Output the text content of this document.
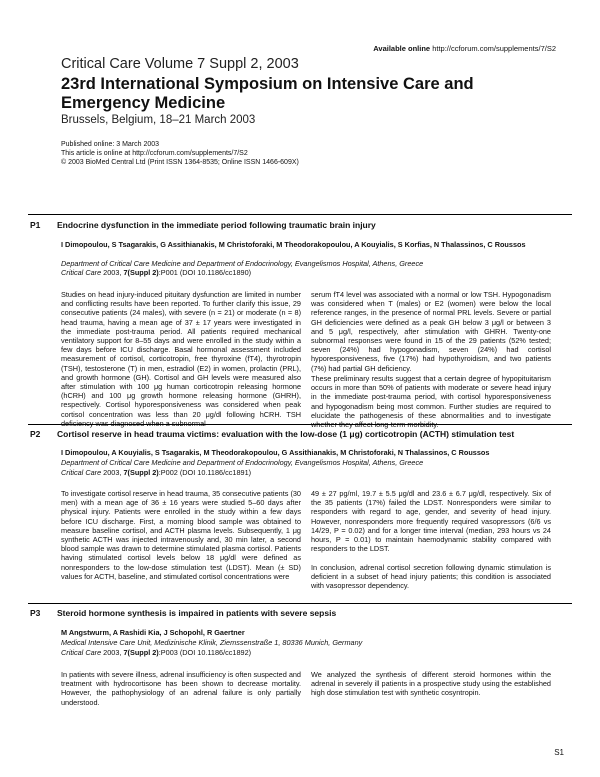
Available online http://ccforum.com/supplements/7/S2
Critical Care Volume 7 Suppl 2, 2003
23rd International Symposium on Intensive Care and Emergency Medicine
Brussels, Belgium, 18–21 March 2003
Published online: 3 March 2003
This article is online at http://ccforum.com/supplements/7/S2
© 2003 BioMed Central Ltd (Print ISSN 1364-8535; Online ISSN 1466-609X)
P1 Endocrine dysfunction in the immediate period following traumatic brain injury
I Dimopoulou, S Tsagarakis, G Assithianakis, M Christoforaki, M Theodorakopoulou, A Kouyialis, S Korfias, N Thalassinos, C Roussos
Department of Critical Care Medicine and Department of Endocrinology, Evangelismos Hospital, Athens, Greece
Critical Care 2003, 7(Suppl 2):P001 (DOI 10.1186/cc1890)

Studies on head injury-induced pituitary dysfunction are limited in number and conflicting results have been reported. To further clarify this issue, 29 consecutive patients (24 males), with severe (n = 21) or moderate (n = 8) head trauma, having a mean age of 37 ± 17 years were investigated in the immediate post-trauma period. All patients required mechanical ventilatory support for 8–55 days and were enrolled in the study within a few days before ICU discharge. Basal hormonal assessment included measurement of cortisol, corticotropin, free thyroxine (fT4), thyrotropin (TSH), testosterone (T) in men, estradiol (E2) in women, prolactin (PRL), and growth hormone (GH). Cortisol and GH levels were measured also after stimulation with 100 μg human corticotropin releasing hormone (hCRH) and 100 μg growth hormone releasing hormone (GHRH), respectively. Cortisol hyporesponsiveness was considered when peak cortisol concentration was less than 20 μg/dl following hCRH. TSH deficiency was diagnosed when a subnormal

serum fT4 level was associated with a normal or low TSH. Hypogonadism was considered when T (males) or E2 (women) were below the local reference ranges, in the presence of normal PRL levels. Severe or partial GH deficiencies were defined as a peak GH below 3 μg/l or between 3 and 5 μg/l, respectively, after stimulation with GHRH. Twenty-one subnormal responses were found in 15 of the 29 patients (52% tested; seven (24%) had hypogonadism, seven (24%) had cortisol hyporesponsiveness, five (17%) had hypothyroidism, and two patients (7%) had partial GH deficiency.

These preliminary results suggest that a certain degree of hypopituitarism occurs in more than 50% of patients with moderate or severe head injury in the immediate post-trauma period, with cortisol hyporesponsiveness and hypogonadism being most common. Further studies are required to elucidate the pathogenesis of these abnormalities and to investigate whether they affect long-term morbidity.

P2 Cortisol reserve in head trauma victims: evaluation with the low-dose (1 μg) corticotropin (ACTH) stimulation test
I Dimopoulou, A Kouyialis, S Tsagarakis, M Theodorakopoulou, G Assithianakis, M Christoforaki, N Thalassinos, C Roussos
Department of Critical Care Medicine and Department of Endocrinology, Evangelismos Hospital, Athens, Greece
Critical Care 2003, 7(Suppl 2):P002 (DOI 10.1186/cc1891)

To investigate cortisol reserve in head trauma, 35 consecutive patients (30 men) with a mean age of 36 ± 16 years were studied 5–60 days after physical injury. Patients were enrolled in the study within a few days before ICU discharge. First, a morning blood sample was obtained to measure baseline cortisol, and ACTH plasma levels. Subsequently, 1 μg synthetic ACTH was injected intravenously and, 30 min later, a second blood sample was drawn to determine stimulated plasma cortisol. Patients having stimulated cortisol levels below 18 μg/dl were defined as nonresponders to the low-dose stimulation test (LDST). Mean (± SD) values for ACTH, baseline, and stimulated cortisol concentrations were

49 ± 27 pg/ml, 19.7 ± 5.5 μg/dl and 23.6 ± 6.7 μg/dl, respectively. Six of the 35 patients (17%) failed the LDST. Nonresponders were similar to responders with regard to age, gender, and severity of head injury. However, nonresponders more frequently required vasopressors (6/6 vs 14/29, P = 0.02) and for a longer time interval (median, 293 hours vs 24 hours, P = 0.01) to maintain haemodynamic stability compared with responders to the LDST.

In conclusion, adrenal cortisol secretion following dynamic stimulation is deficient in a subset of head injury patients; this condition is associated with vasopressor dependency.

P3 Steroid hormone synthesis is impaired in patients with severe sepsis
M Angstwurm, A Rashidi Kia, J Schopohl, R Gaertner
Medical Intensive Care Unit, Medizinische Klinik, Ziemssenstraße 1, 80336 Munich, Germany
Critical Care 2003, 7(Suppl 2):P003 (DOI 10.1186/cc1892)

In patients with severe illness, adrenal insufficiency is often suspected and treatment with hydrocortisone has been shown to decrease mortality. However, the pathophysiology of an adrenal failure is only partially understood.

We analyzed the synthesis of different steroid hormones within the adrenal in severely ill patients in a prospective study using the established high dose stimulation test with synthetic cosyntropin.

S1
